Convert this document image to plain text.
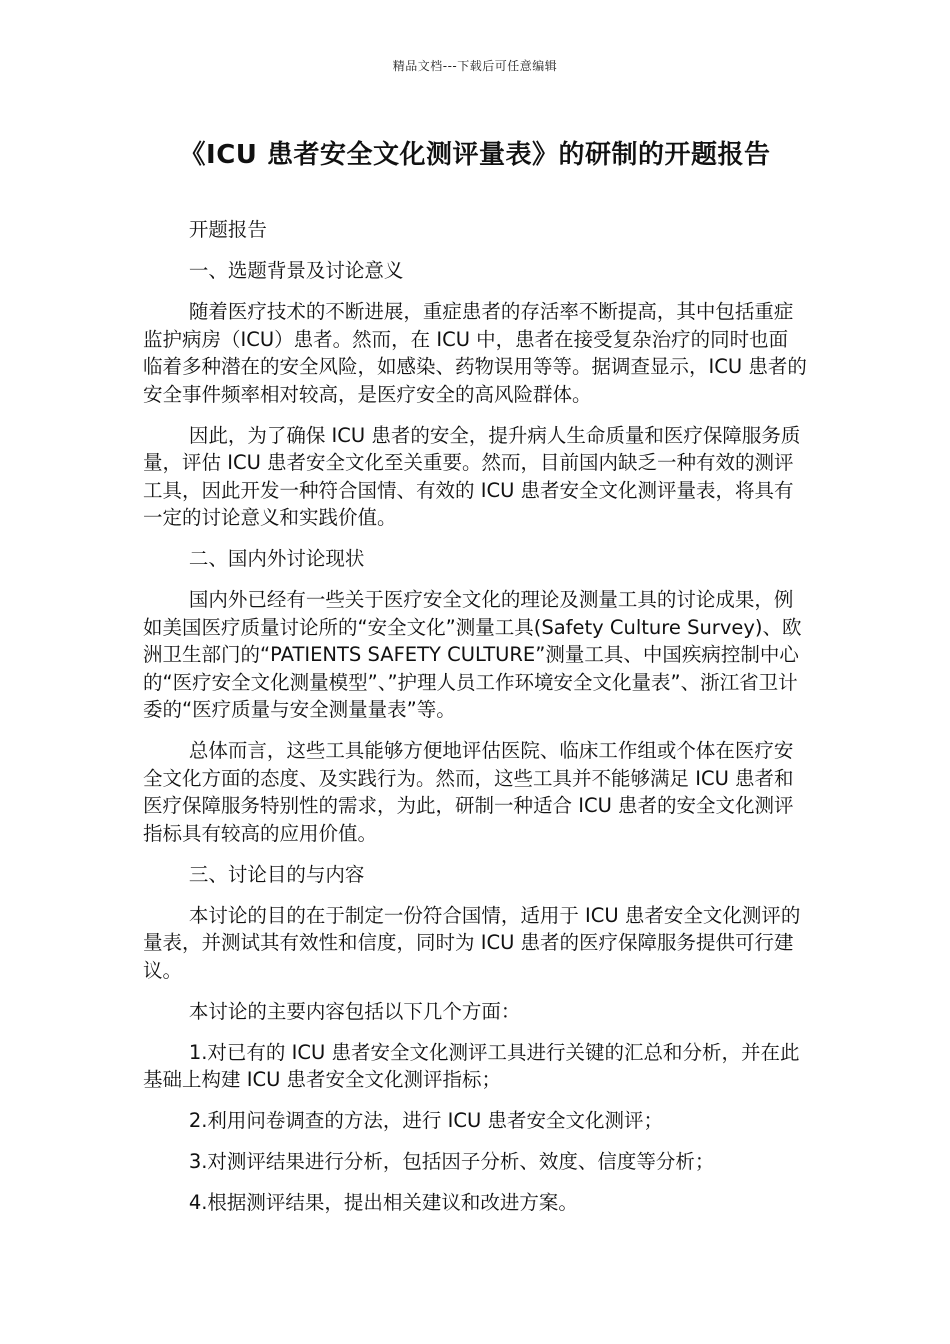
精品文档---下载后可任意编辑
《ICU 患者安全文化测评量表》的研制的开题报告

开题报告

一、选题背景及讨论意义

随着医疗技术的不断进展，重症患者的存活率不断提高，其中包括重症监护病房（ICU）患者。然而，在 ICU 中，患者在接受复杂治疗的同时也面临着多种潜在的安全风险，如感染、药物误用等等。据调查显示，ICU 患者的安全事件频率相对较高，是医疗安全的高风险群体。

因此，为了确保 ICU 患者的安全，提升病人生命质量和医疗保障服务质量，评估 ICU 患者安全文化至关重要。然而，目前国内缺乏一种有效的测评工具，因此开发一种符合国情、有效的 ICU 患者安全文化测评量表，将具有一定的讨论意义和实践价值。

二、国内外讨论现状

国内外已经有一些关于医疗安全文化的理论及测量工具的讨论成果，例如美国医疗质量讨论所的“安全文化”测量工具(Safety Culture Survey)、欧洲卫生部门的“PATIENTS SAFETY CULTURE”测量工具、中国疾病控制中心的“医疗安全文化测量模型”、”护理人员工作环境安全文化量表”、浙江省卫计委的“医疗质量与安全测量量表”等。

总体而言，这些工具能够方便地评估医院、临床工作组或个体在医疗安全文化方面的态度、及实践行为。然而，这些工具并不能够满足 ICU 患者和医疗保障服务特别性的需求，为此，研制一种适合 ICU 患者的安全文化测评指标具有较高的应用价值。

三、讨论目的与内容

本讨论的目的在于制定一份符合国情，适用于 ICU 患者安全文化测评的量表，并测试其有效性和信度，同时为 ICU 患者的医疗保障服务提供可行建议。

本讨论的主要内容包括以下几个方面：

1.对已有的 ICU 患者安全文化测评工具进行关键的汇总和分析，并在此基础上构建 ICU 患者安全文化测评指标；

2.利用问卷调查的方法，进行 ICU 患者安全文化测评；

3.对测评结果进行分析，包括因子分析、效度、信度等分析；

4.根据测评结果，提出相关建议和改进方案。
